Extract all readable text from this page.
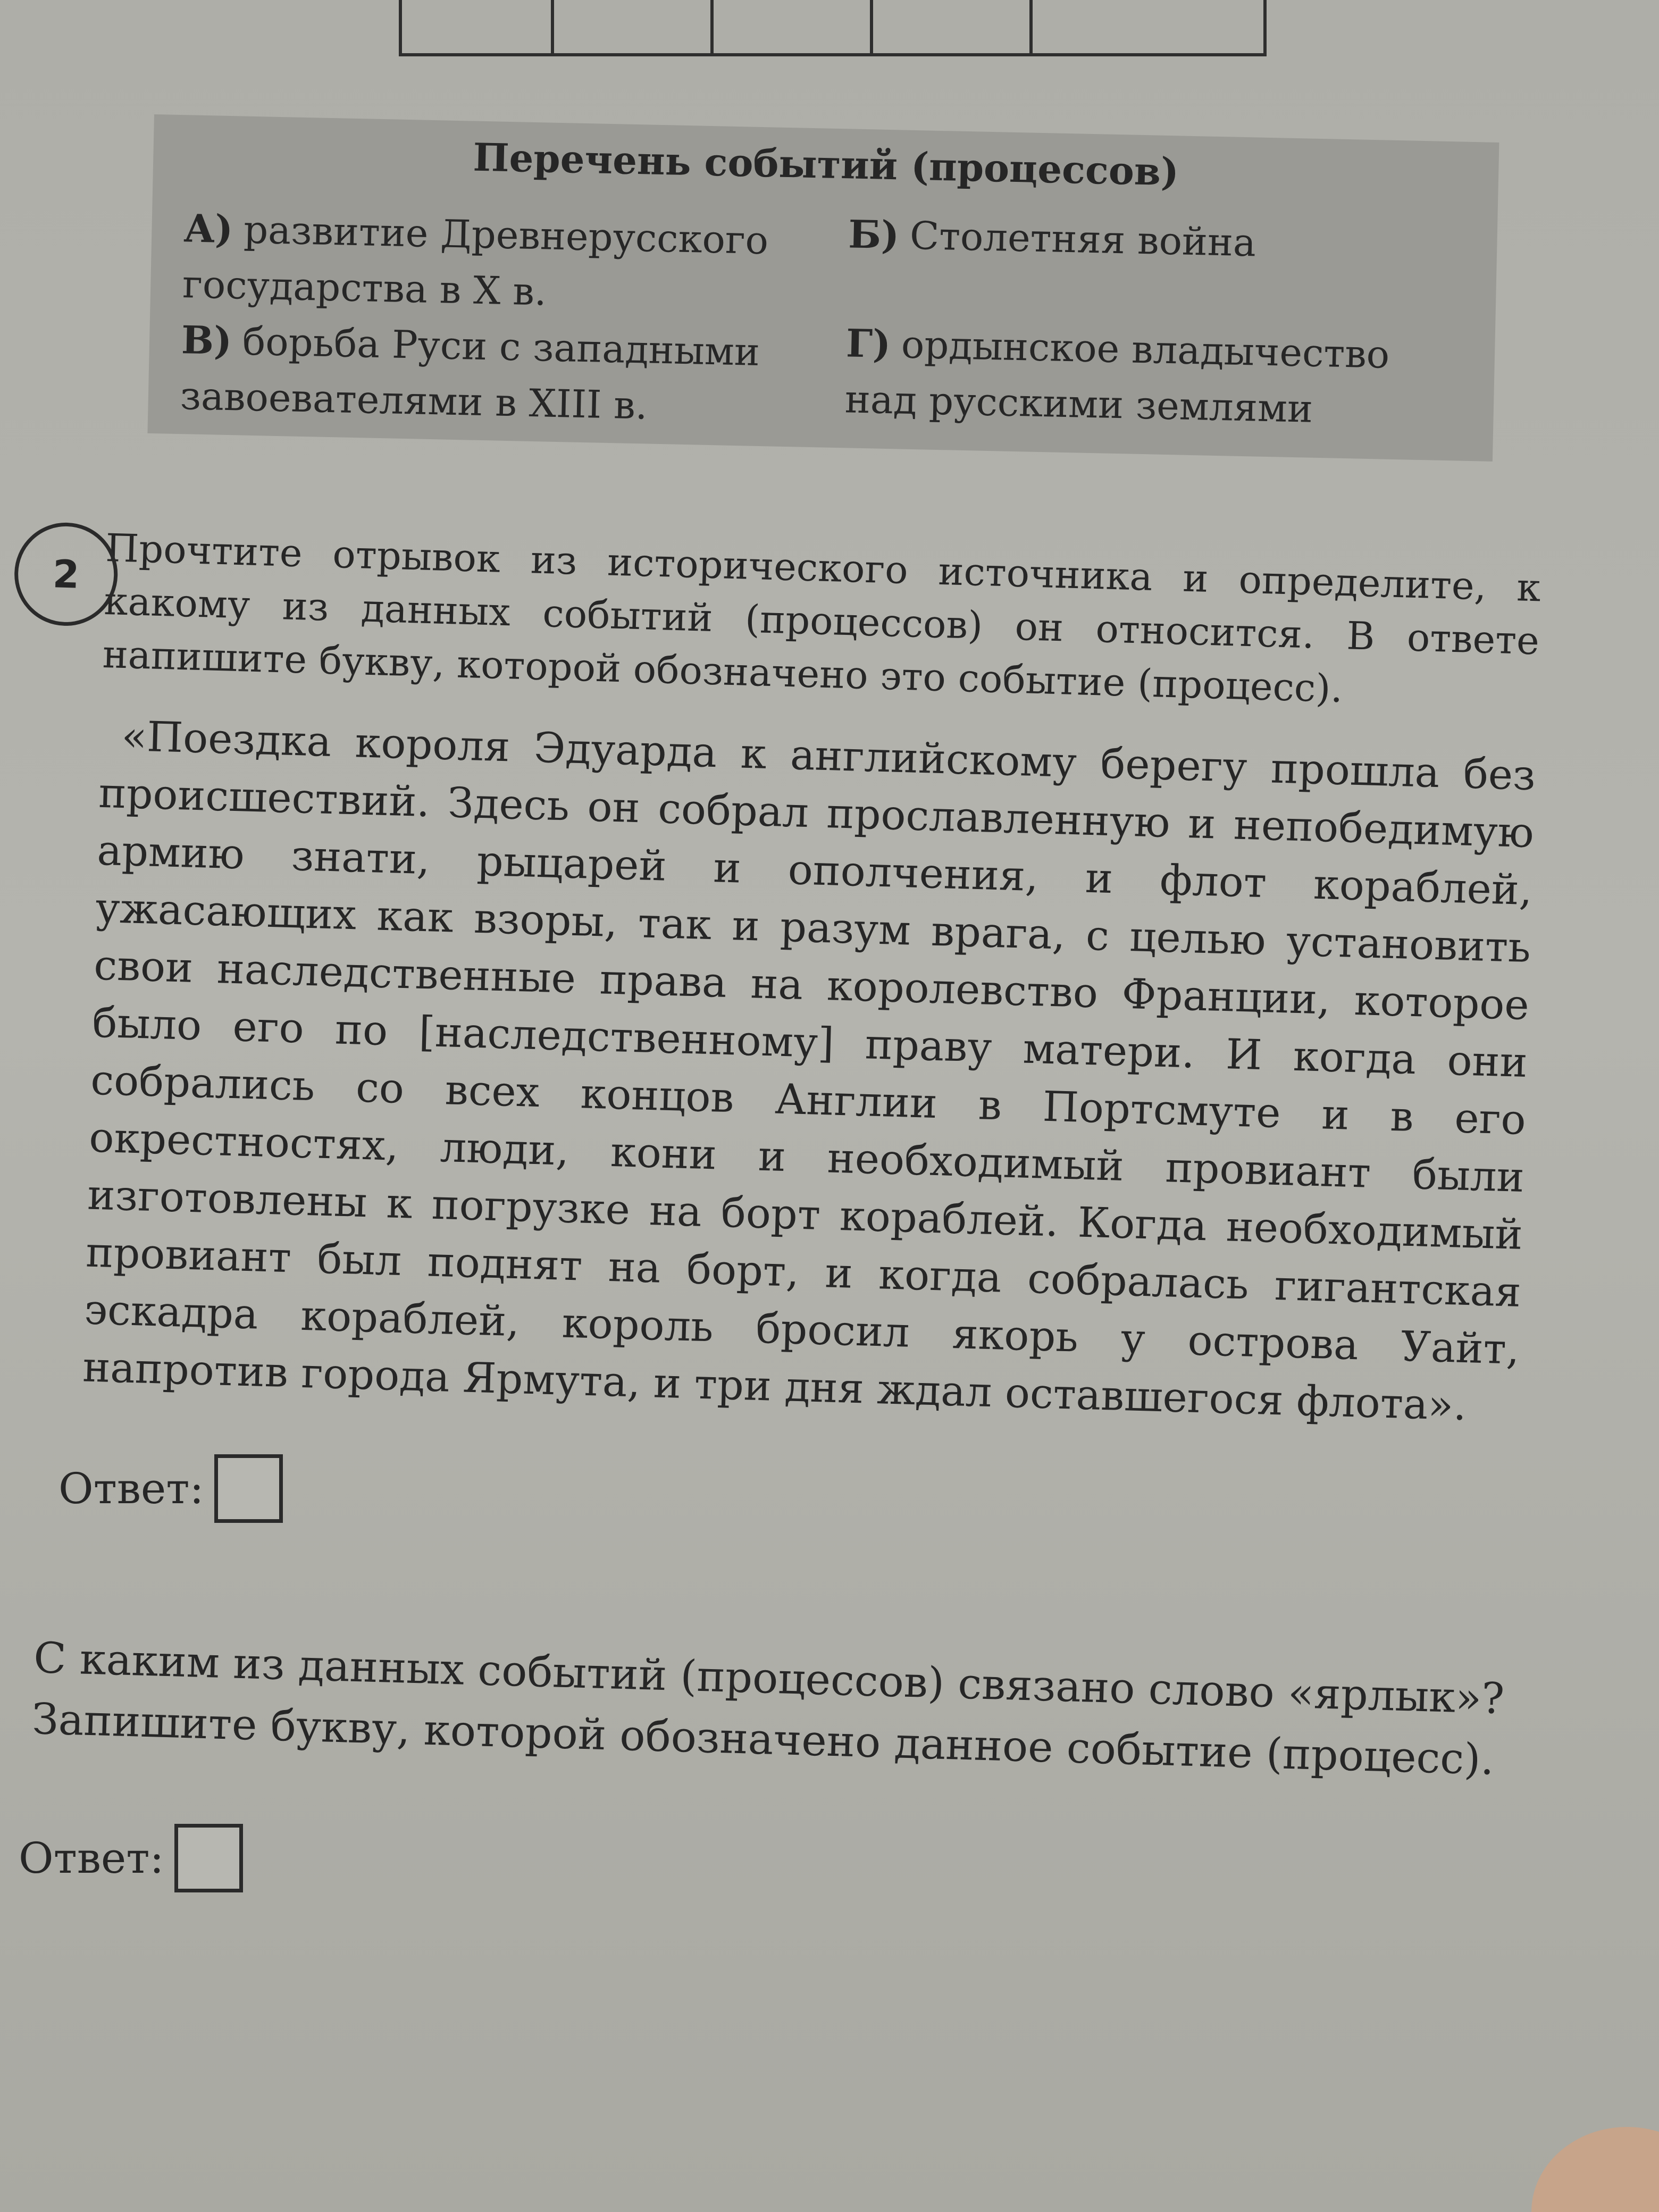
Перечень событий (процессов)
А) развитие Древнерусского государства в X в.
Б) Столетняя война
В) борьба Руси с западными завоевателями в XIII в.
Г) ордынское владычество над русскими землями
2 Прочтите отрывок из исторического источника и определите, к какому из данных событий (процессов) он относится. В ответе напишите букву, которой обозначено это событие (процесс).

«Поездка короля Эдуарда к английскому берегу прошла без происшествий. Здесь он собрал прославленную и непобедимую армию знати, рыцарей и ополчения, и флот кораблей, ужасающих как взоры, так и разум врага, с целью установить свои наследственные права на королевство Франции, которое было его по [наследственному] праву матери. И когда они собрались со всех концов Англии в Портсмуте и в его окрестностях, люди, кони и необходимый провиант были изготовлены к погрузке на борт кораблей. Когда необходимый провиант был поднят на борт, и когда собралась гигантская эскадра кораблей, король бросил якорь у острова Уайт, напротив города Ярмута, и три дня ждал оставшегося флота».

Ответ:
С каким из данных событий (процессов) связано слово «ярлык»? Запишите букву, которой обозначено данное событие (процесс).
Ответ:
